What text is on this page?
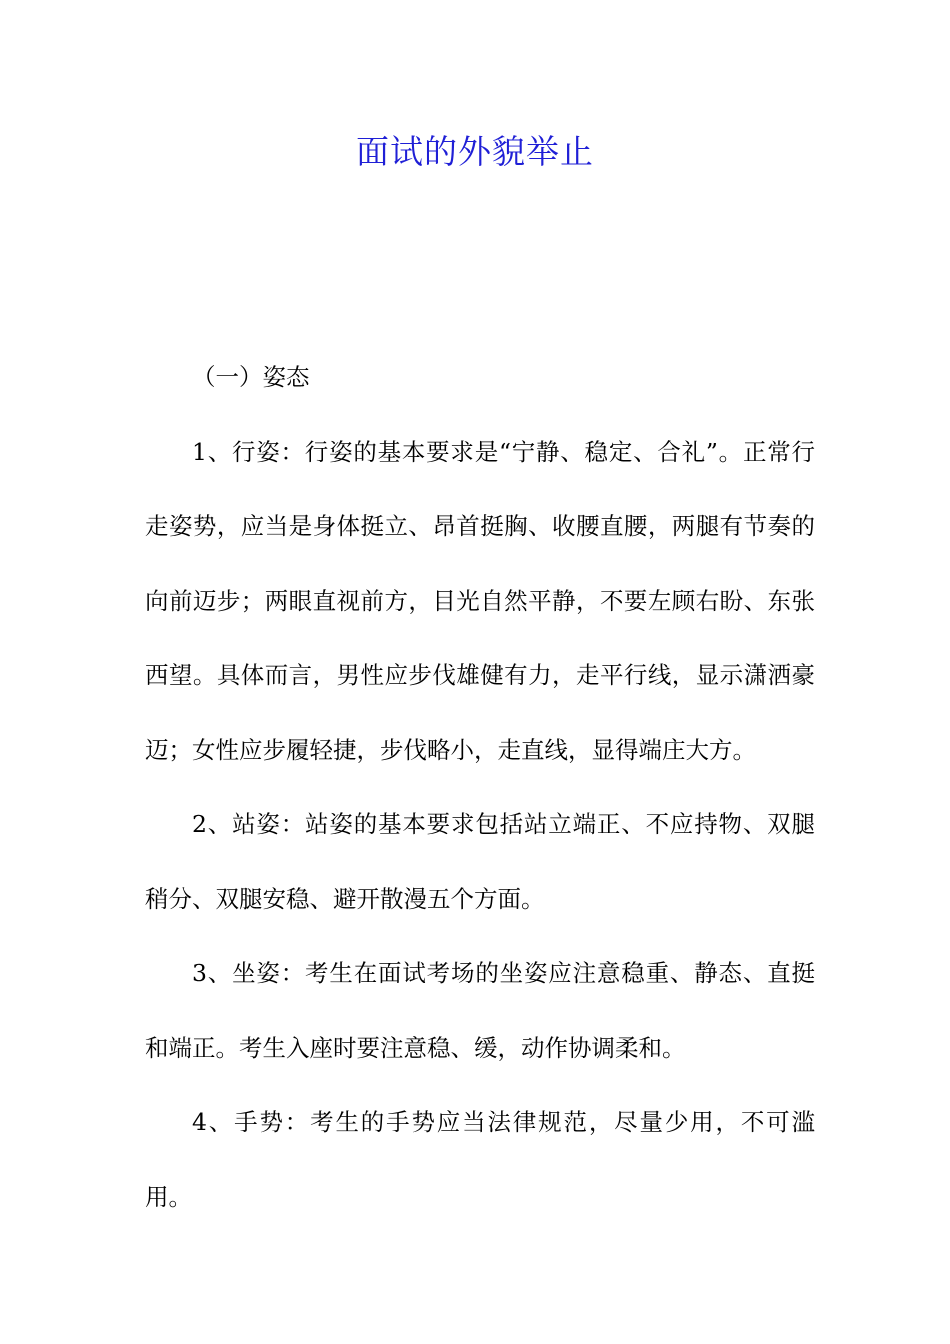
面试的外貌举止

（一）姿态

1、行姿：行姿的基本要求是“宁静、稳定、合礼”。正常行走姿势，应当是身体挺立、昂首挺胸、收腰直腰，两腿有节奏的向前迈步；两眼直视前方，目光自然平静，不要左顾右盼、东张西望。具体而言，男性应步伐雄健有力，走平行线，显示潇洒豪迈；女性应步履轻捷，步伐略小，走直线，显得端庄大方。

2、站姿：站姿的基本要求包括站立端正、不应持物、双腿稍分、双腿安稳、避开散漫五个方面。

3、坐姿：考生在面试考场的坐姿应注意稳重、静态、直挺和端正。考生入座时要注意稳、缓，动作协调柔和。

4、手势：考生的手势应当法律规范，尽量少用，不可滥用。
